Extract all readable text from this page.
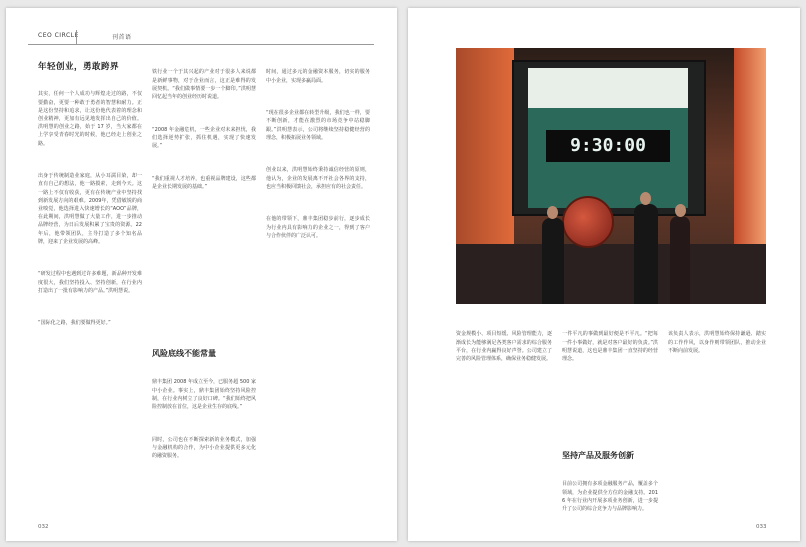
CEO CIRCLE	刊首语
年轻创业，勇敢跨界

其实，任何一个人成功与辉煌走过的路，不仅要勤奋，更要一种敢于勇者的智慧和耐力。正是这份坚持和追求，让这份他代表着的理念和创业精神，更加有远见地发挥出自己的价值。洪明慧的创业之路，始于 17 岁，当大家都在上学享受青春时光的时候，他已经走上创业之路。

出身于传统制造业家庭，从小耳濡目染，却一直有自己的想法，他一路摸索，走到今天。这一路上不仅有收获，更有在传统产业中坚持找到新发展方向的艰难。2009年，凭借敏锐的商业嗅觉，他选择进入快速增长的“AOO”品牌，在此期间，洪明慧做了大量工作，进一步推动品牌经营，为日后发展积累了宝贵的资源。22 年后，他带领团队，主导打造了多个知名品牌，迎来了企业发展的高峰。

“研发过程中也遇到过许多难题，新品种开发难度很大，我们坚持投入、坚持创新，在行业内打造出了一批有影响力的产品。”洪明慧说。

“国际化之路，我们要做得更好。”

铁行业一个于其兴起的产业对于很多人来说都是新鲜事物，对于企业而言，这正是难得的发展契机。“我们做事情要一步一个脚印。”洪明慧回忆起当年的创业经历时说道。

“2008 年金融危机，一些企业对未来担忧，我们选择逆势扩张，抓住机遇，实现了快速发展。”

“我们重视人才培养，也重视品牌建设，这些都是企业长期发展的基础。”

风险底线不能常量

鼎丰集团 2008 年成立至今，已服务超 500 家中小企业。事实上，鼎丰集团始终坚持风险控制，在行业内树立了良好口碑。“我们始终把风险控制放在首位，这是企业生存的底线。”

同时，公司也在不断探索新的业务模式，加强与金融机构的合作，为中小企业提供更多元化的融资服务。

时间，通过多元的金融资本服务，切实的服务中小企业，实现多赢局面。

“现在很多企业都在转型升级，我们也一样，要不断创新，才能在激烈的市场竞争中站稳脚跟。”洪明慧表示，公司将继续坚持稳健经营的理念，积极拓展业务领域。

创业以来，洪明慧始终秉持诚信经营的原则，他认为，企业的发展离不开社会各界的支持，也应当积极回馈社会，承担应有的社会责任。

在他的带领下，鼎丰集团稳步前行，逐步成长为行业内具有影响力的企业之一，得到了客户与合作伙伴的广泛认可。

032
9:30:00

资金规模小、项目短缓、风险管理能力，逐渐成长为能够满足各类客户需求的综合服务平台，在行业内赢得良好声誉。公司建立了完善的风险管理体系，确保业务稳健发展。

一件平凡的事做到最好便是不平凡。“把每一件小事做好，就是对客户最好的负责。”洪明慧说道，这也是鼎丰集团一直坚持的经营理念。

坚持产品及服务创新

目前公司拥有多项金融服务产品，覆盖多个领域，为企业提供全方位的金融支持。2016 年在行业内开展多项业务创新，进一步提升了公司的综合竞争力与品牌影响力。

该负责人表示，洪明慧始终保持谦逊、踏实的工作作风，以身作则带领团队，推动企业不断向前发展。

033
